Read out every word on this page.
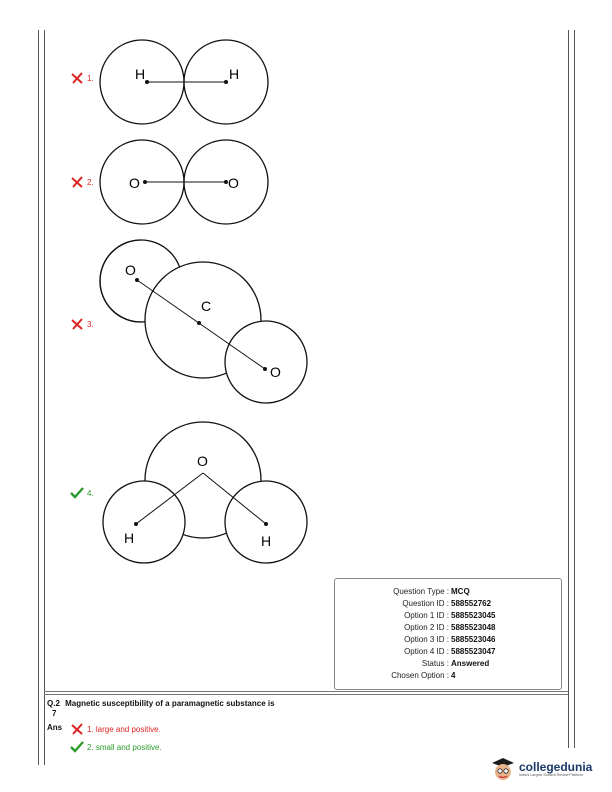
1.	H	H
2.	O	O
3.
O
C
O
4.
O
H	H
Question Type : MCQ
Question ID : 588552762
Option 1 ID : 5885523045
Option 2 ID : 5885523048
Option 3 ID : 5885523046
Option 4 ID : 5885523047
Status : Answered
Chosen Option : 4
Q.2 Magnetic susceptibility of a paramagnetic substance is
7
Ans	1. large and positive.
2. small and positive.
collegedunia
India's Largest Student Review Platform
